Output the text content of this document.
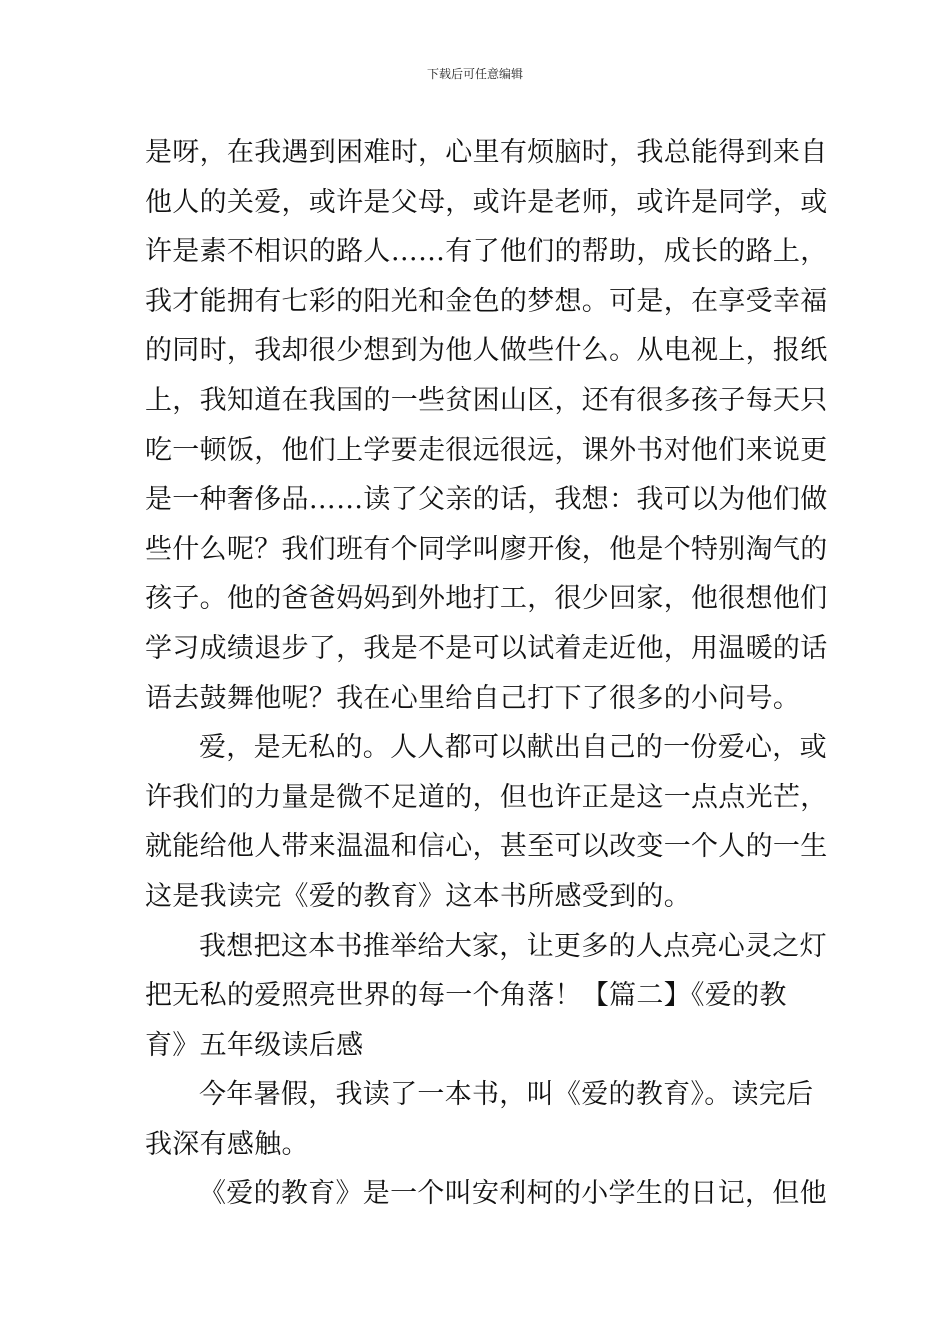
下载后可任意编辑
是呀，在我遇到困难时，心里有烦脑时，我总能得到来自
他人的关爱，或许是父母，或许是老师，或许是同学，或
许是素不相识的路人……有了他们的帮助，成长的路上，
我才能拥有七彩的阳光和金色的梦想。可是，在享受幸福
的同时，我却很少想到为他人做些什么。从电视上，报纸
上，我知道在我国的一些贫困山区，还有很多孩子每天只
吃一顿饭，他们上学要走很远很远，课外书对他们来说更
是一种奢侈品……读了父亲的话，我想：我可以为他们做
些什么呢？我们班有个同学叫廖开俊，他是个特别淘气的
孩子。他的爸爸妈妈到外地打工，很少回家，他很想他们
学习成绩退步了，我是不是可以试着走近他，用温暖的话
语去鼓舞他呢？我在心里给自己打下了很多的小问号。
爱，是无私的。人人都可以献出自己的一份爱心，或
许我们的力量是微不足道的，但也许正是这一点点光芒，
就能给他人带来温温和信心，甚至可以改变一个人的一生
这是我读完《爱的教育》这本书所感受到的。
我想把这本书推举给大家，让更多的人点亮心灵之灯
把无私的爱照亮世界的每一个角落！【篇二】《爱的教
育》五年级读后感
今年暑假，我读了一本书，叫《爱的教育》。读完后
我深有感触。
《爱的教育》是一个叫安利柯的小学生的日记，但他
